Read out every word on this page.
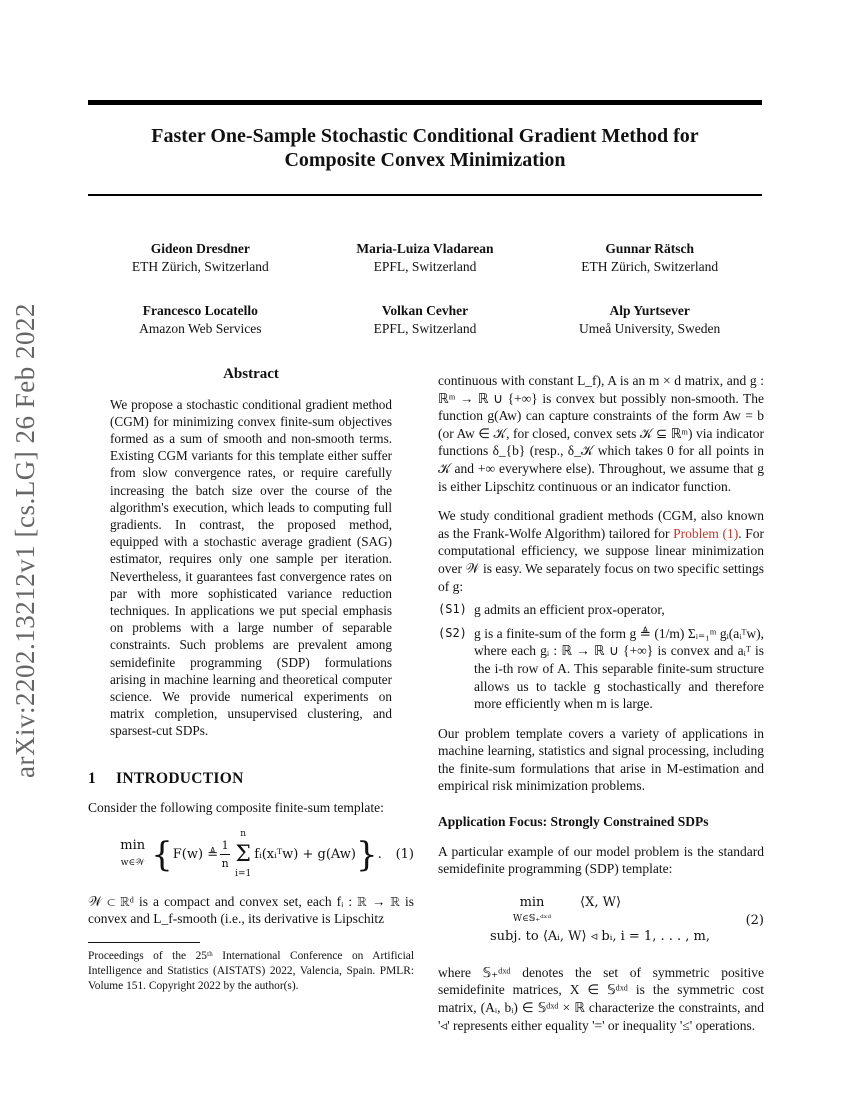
arXiv:2202.13212v1 [cs.LG] 26 Feb 2022
Faster One-Sample Stochastic Conditional Gradient Method for
Composite Convex Minimization
Gideon Dresdner
ETH Zürich, Switzerland
Maria-Luiza Vladarean
EPFL, Switzerland
Gunnar Rätsch
ETH Zürich, Switzerland
Francesco Locatello
Amazon Web Services
Volkan Cevher
EPFL, Switzerland
Alp Yurtsever
Umeå University, Sweden
Abstract

We propose a stochastic conditional gradient method (CGM) for minimizing convex finite-sum objectives formed as a sum of smooth and non-smooth terms. Existing CGM variants for this template either suffer from slow convergence rates, or require carefully increasing the batch size over the course of the algorithm's execution, which leads to computing full gradients. In contrast, the proposed method, equipped with a stochastic average gradient (SAG) estimator, requires only one sample per iteration. Nevertheless, it guarantees fast convergence rates on par with more sophisticated variance reduction techniques. In applications we put special emphasis on problems with a large number of separable constraints. Such problems are prevalent among semidefinite programming (SDP) formulations arising in machine learning and theoretical computer science. We provide numerical experiments on matrix completion, unsupervised clustering, and sparsest-cut SDPs.

1 INTRODUCTION

Consider the following composite finite-sum template:

min
w∈𝒲 { F(w) ≜ $\frac{1}{n}$
n
Σ
i=1
fᵢ(xᵢᵀw) + g(Aw) } . (1)

𝒲 ⊂ ℝᵈ is a compact and convex set, each fᵢ : ℝ → ℝ is convex and L_f-smooth (i.e., its derivative is Lipschitz

Proceedings of the 25ᵗʰ International Conference on Artificial Intelligence and Statistics (AISTATS) 2022, Valencia, Spain. PMLR: Volume 151. Copyright 2022 by the author(s).

continuous with constant L_f), A is an m × d matrix, and g : ℝᵐ → ℝ ∪ {+∞} is convex but possibly non-smooth. The function g(Aw) can capture constraints of the form Aw = b (or Aw ∈ 𝒦, for closed, convex sets 𝒦 ⊆ ℝᵐ) via indicator functions δ_{b} (resp., δ_𝒦 which takes 0 for all points in 𝒦 and +∞ everywhere else). Throughout, we assume that g is either Lipschitz continuous or an indicator function.

We study conditional gradient methods (CGM, also known as the Frank-Wolfe Algorithm) tailored for Problem (1). For computational efficiency, we suppose linear minimization over 𝒲 is easy. We separately focus on two specific settings of g:

(S1) g admits an efficient prox-operator,
(S2) g is a finite-sum of the form g ≜ (1/m) Σᵢ₌₁ᵐ gᵢ(aᵢᵀw), where each gᵢ : ℝ → ℝ ∪ {+∞} is convex and aᵢᵀ is the i-th row of A. This separable finite-sum structure allows us to tackle g stochastically and therefore more efficiently when m is large.

Our problem template covers a variety of applications in machine learning, statistics and signal processing, including the finite-sum formulations that arise in M-estimation and empirical risk minimization problems.

Application Focus: Strongly Constrained SDPs

A particular example of our model problem is the standard semidefinite programming (SDP) template:

min
W∈𝕊₊ᵈˣᵈ
⟨X, W⟩
subj. to ⟨Aᵢ, W⟩ ◃ bᵢ, i = 1, . . . , m,
(2)

where 𝕊₊ᵈˣᵈ denotes the set of symmetric positive semidefinite matrices, X ∈ 𝕊ᵈˣᵈ is the symmetric cost matrix, (Aᵢ, bᵢ) ∈ 𝕊ᵈˣᵈ × ℝ characterize the constraints, and '◃' represents either equality '=' or inequality '≤' operations.
